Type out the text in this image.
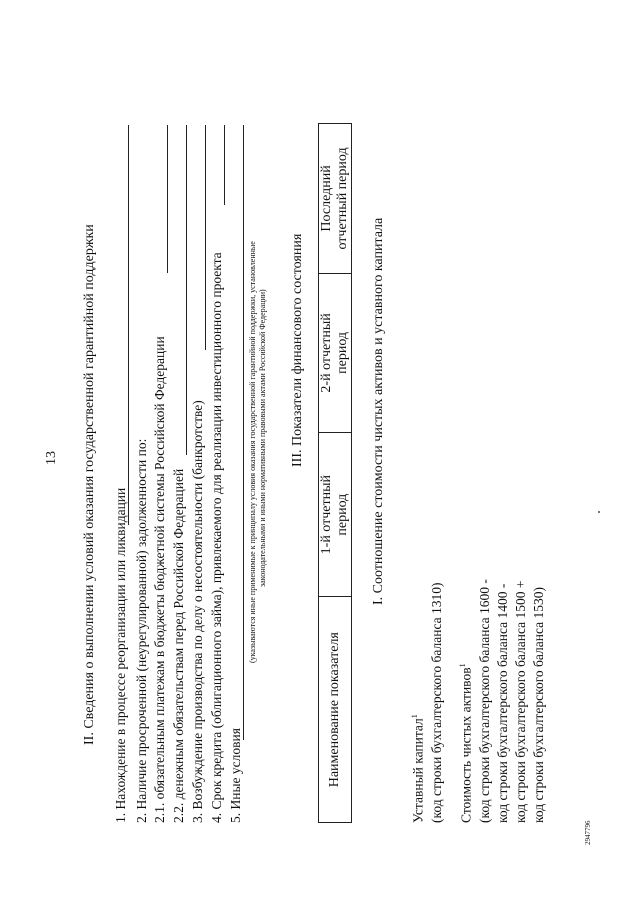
13 II. Сведения о выполнении условий оказания государственной гарантийной поддержки 1. Нахождение в процессе реорганизации или ликвидации 2. Наличие просроченной (неурегулированной) задолженности по: 2.1. обязательным платежам в бюджеты бюджетной системы Российской Федерации 2.2. денежным обязательствам перед Российской Федерацией 3. Возбуждение производства по делу о несостоятельности (банкротстве) 4. Срок кредита (облигационного займа), привлекаемого для реализации инвестиционного проекта 5. Иные условия
(указываются иные применимые к принципалу условия оказания государственной гарантийной поддержки, установленные законодательными и иными нормативными правовыми актами Российской Федерации) III. Показатели финансового состояния
Наименование показателя	1-й отчетный период	2-й отчетный период	Последний отчетный период
I. Соотношение стоимости чистых активов и уставного капитала
Уставный капитал$^1$ (код строки бухгалтерского баланса 1310) Стоимость чистых активов$^1$ (код строки бухгалтерского баланса 1600 - код строки бухгалтерского баланса 1400 - код строки бухгалтерского баланса 1500 + код строки бухгалтерского баланса 1530)
2947796
